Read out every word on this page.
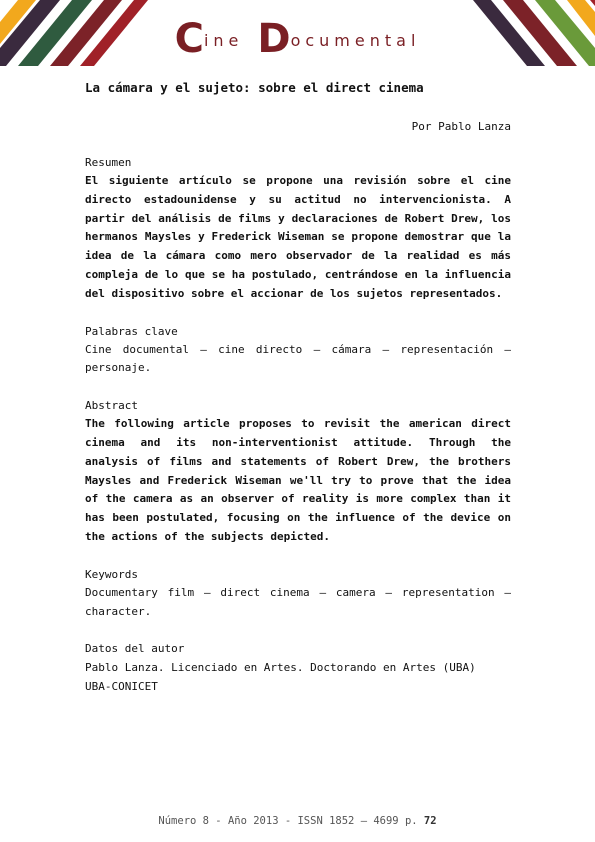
Cine Documental
La cámara y el sujeto: sobre el direct cinema

Por Pablo Lanza

Resumen

El siguiente artículo se propone una revisión sobre el cine directo estadounidense y su actitud no intervencionista. A partir del análisis de films y declaraciones de Robert Drew, los hermanos Maysles y Frederick Wiseman se propone demostrar que la idea de la cámara como mero observador de la realidad es más compleja de lo que se ha postulado, centrándose en la influencia del dispositivo sobre el accionar de los sujetos representados.

Palabras clave

Cine documental – cine directo – cámara – representación – personaje.

Abstract

The following article proposes to revisit the american direct cinema and its non-interventionist attitude. Through the analysis of films and statements of Robert Drew, the brothers Maysles and Frederick Wiseman we'll try to prove that the idea of the camera as an observer of reality is more complex than it has been postulated, focusing on the influence of the device on the actions of the subjects depicted.

Keywords

Documentary film – direct cinema – camera – representation – character.

Datos del autor

Pablo Lanza. Licenciado en Artes. Doctorando en Artes (UBA)

UBA-CONICET

Número 8 - Año 2013 - ISSN 1852 – 4699 p. 72
